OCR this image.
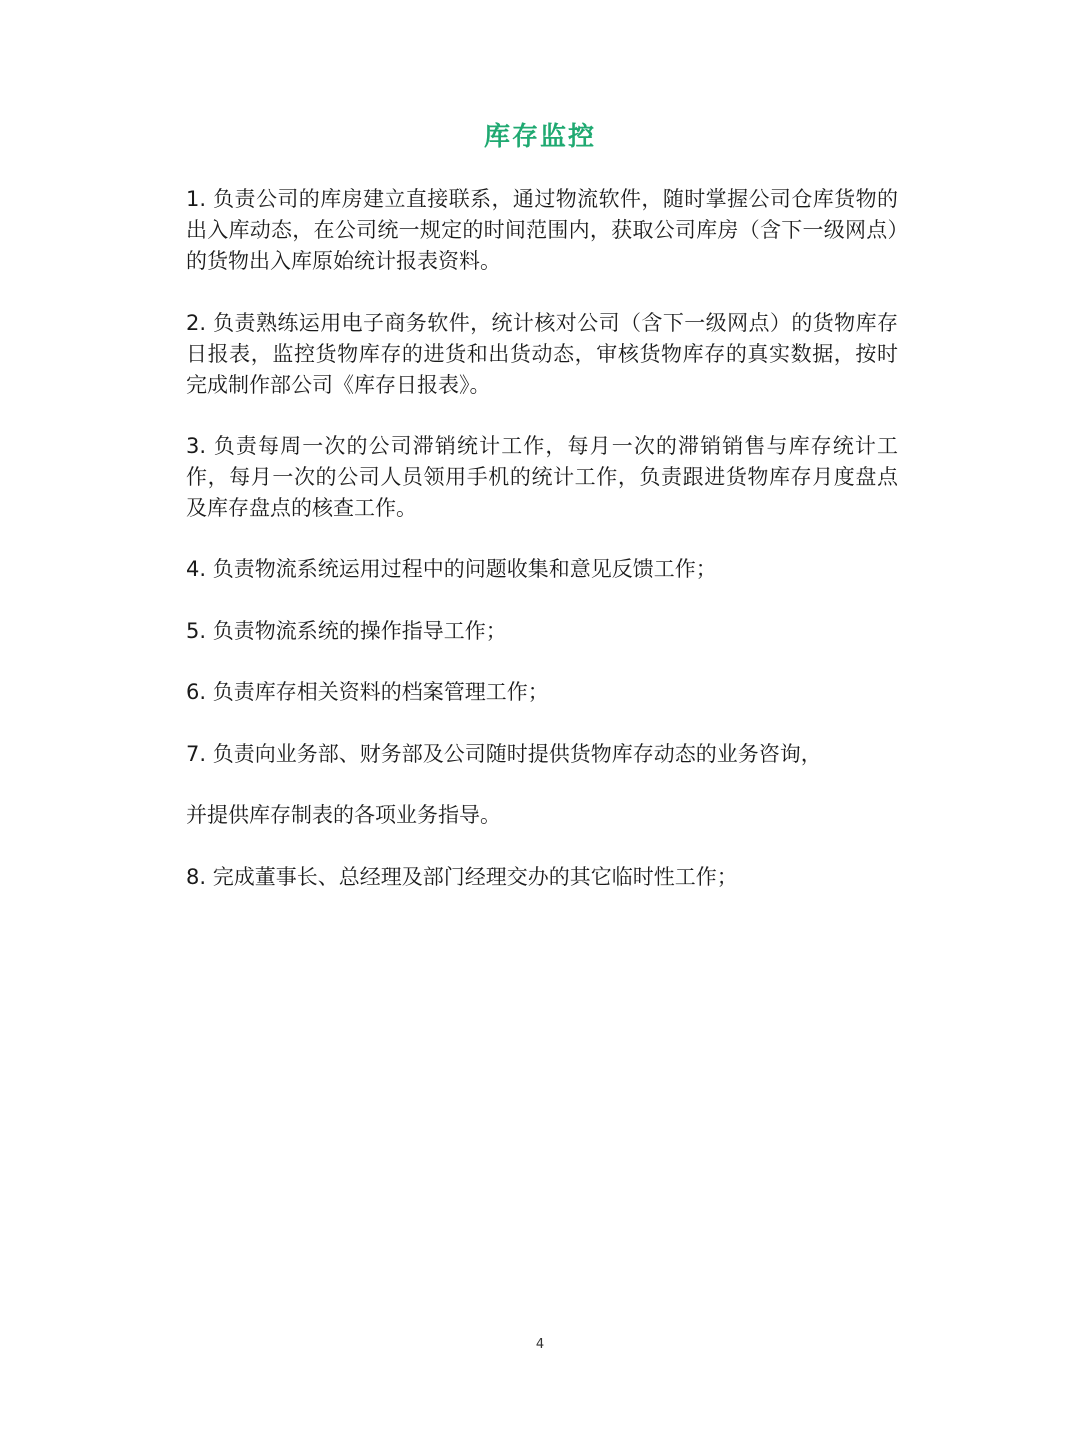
库存监控

1. 负责公司的库房建立直接联系，通过物流软件，随时掌握公司仓库货物的出入库动态，在公司统一规定的时间范围内，获取公司库房（含下一级网点）的货物出入库原始统计报表资料。

2. 负责熟练运用电子商务软件，统计核对公司（含下一级网点）的货物库存日报表，监控货物库存的进货和出货动态，审核货物库存的真实数据，按时完成制作部公司《库存日报表》。

3. 负责每周一次的公司滞销统计工作，每月一次的滞销销售与库存统计工作，每月一次的公司人员领用手机的统计工作，负责跟进货物库存月度盘点及库存盘点的核查工作。

4. 负责物流系统运用过程中的问题收集和意见反馈工作；

5. 负责物流系统的操作指导工作；

6. 负责库存相关资料的档案管理工作；

7. 负责向业务部、财务部及公司随时提供货物库存动态的业务咨询，

并提供库存制表的各项业务指导。

8. 完成董事长、总经理及部门经理交办的其它临时性工作；

4
